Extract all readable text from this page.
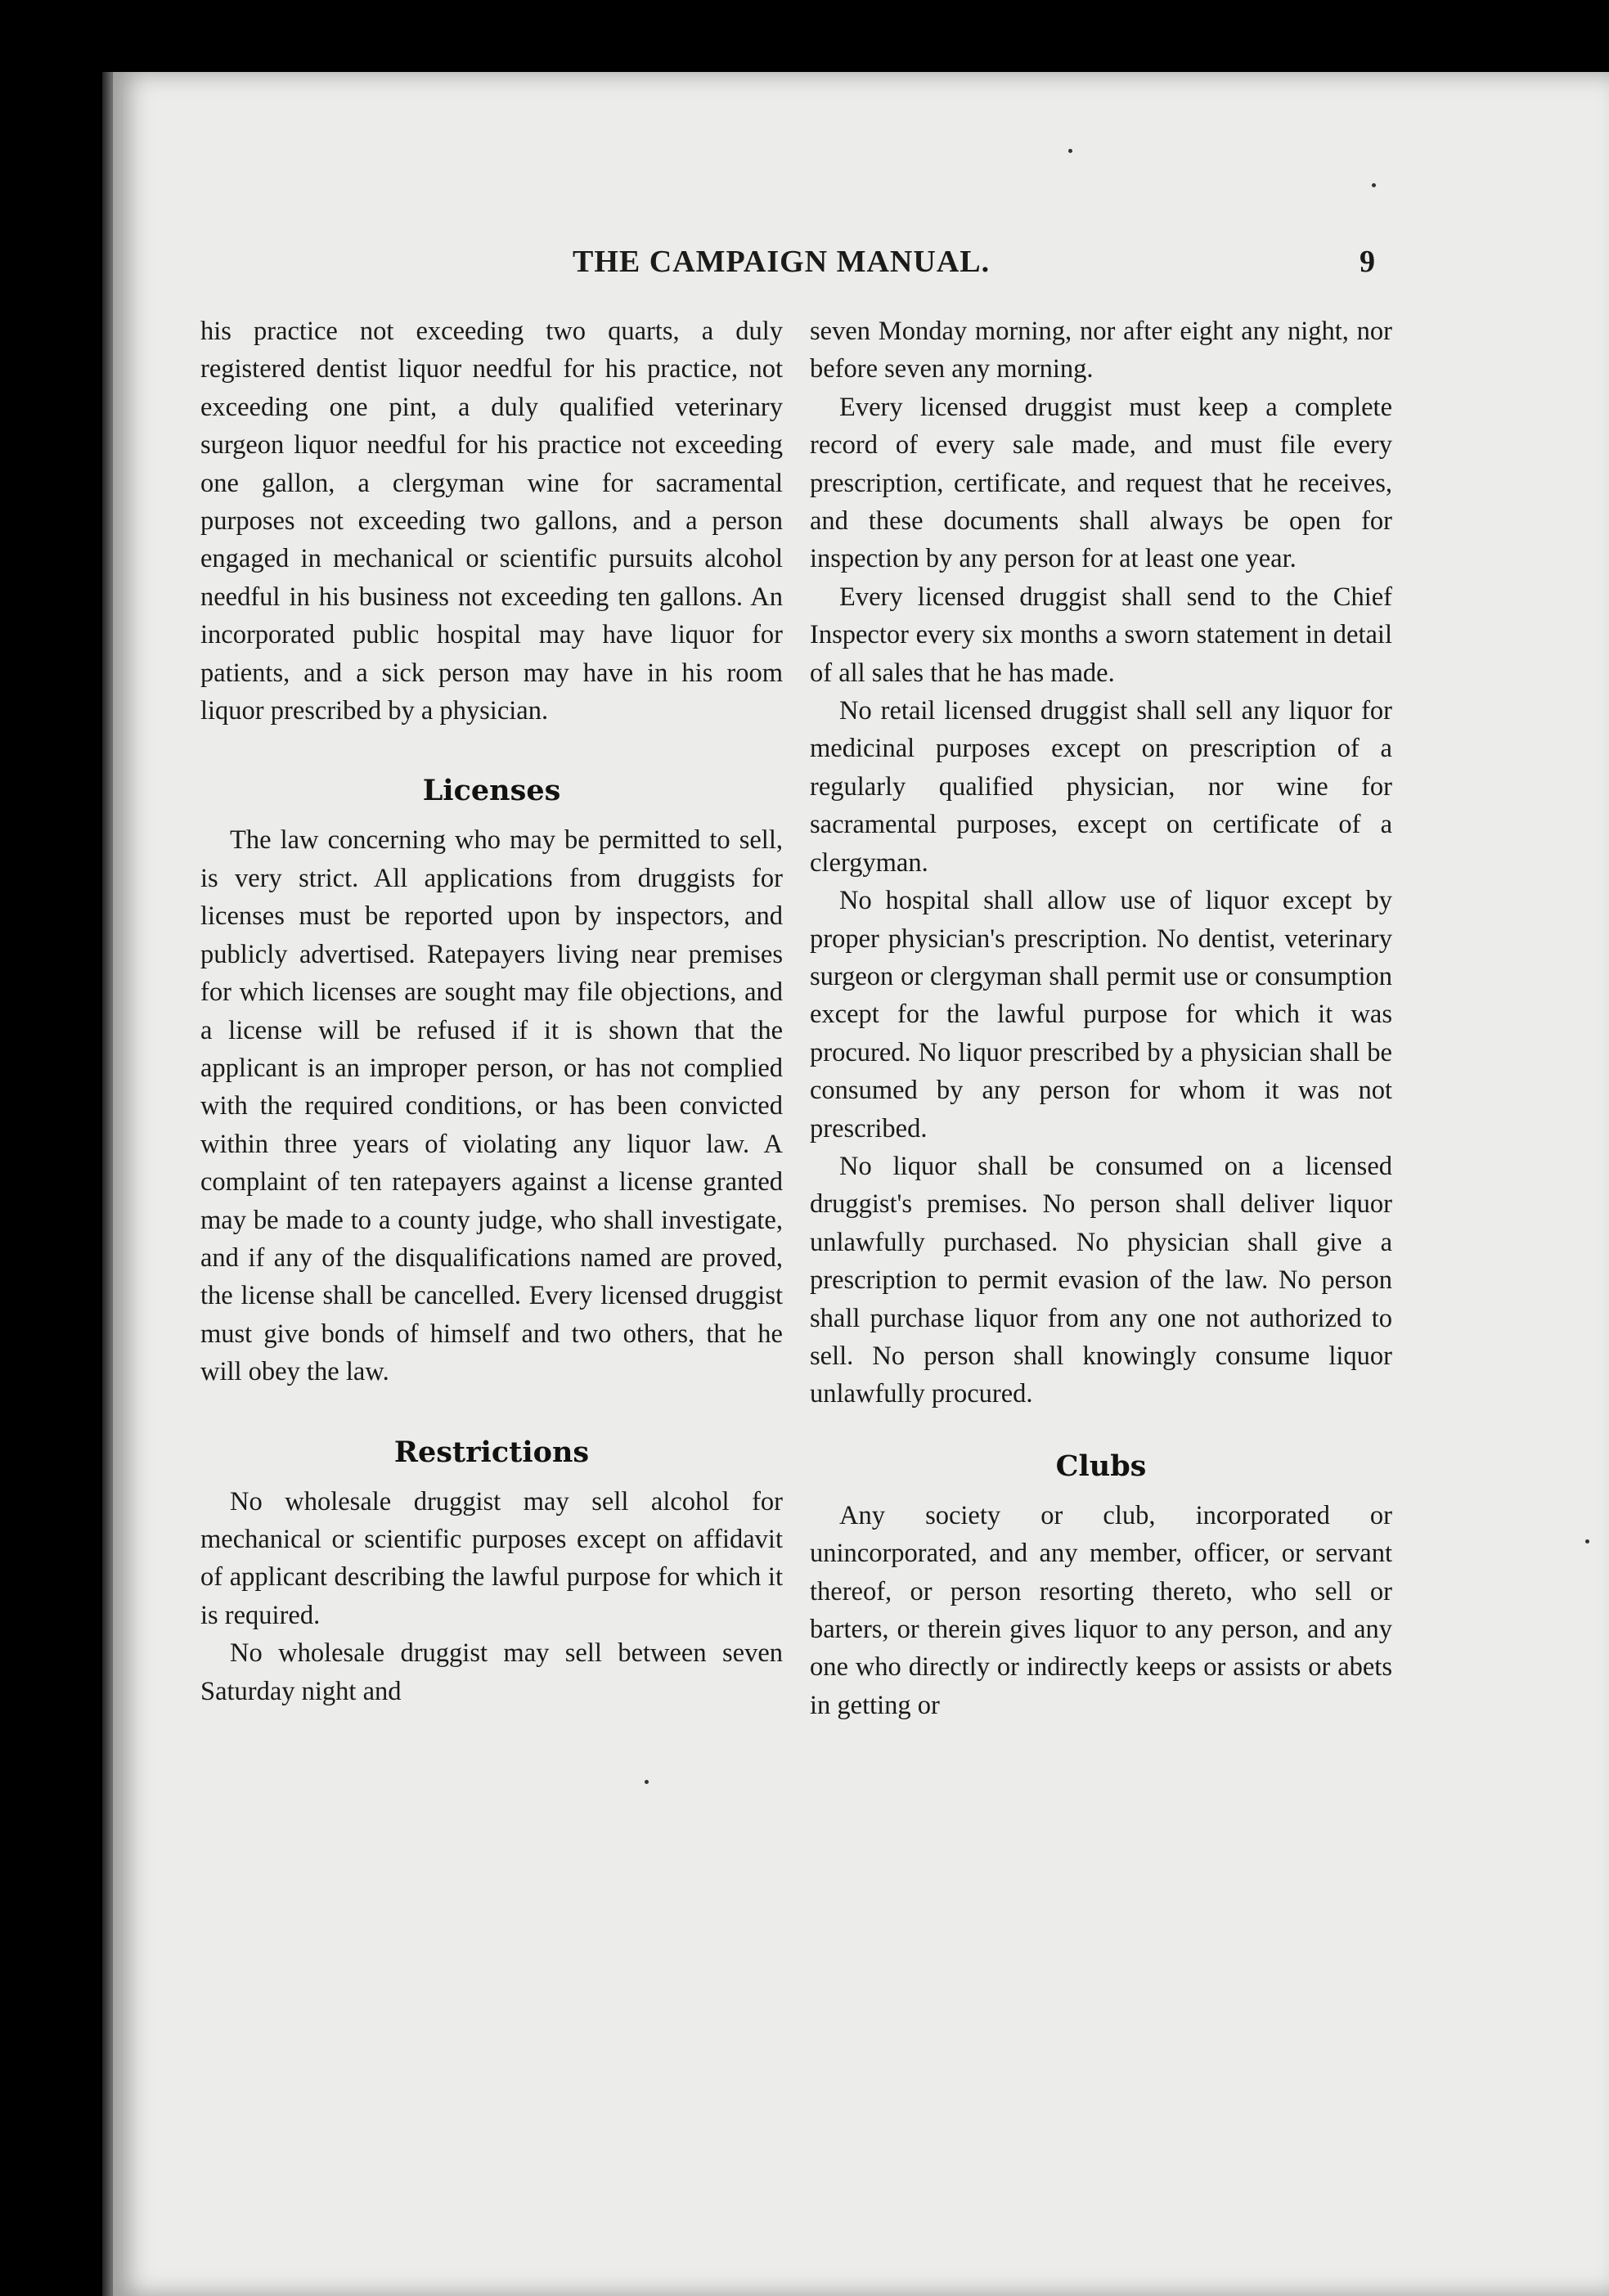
THE CAMPAIGN MANUAL.	9

his practice not exceeding two quarts, a duly registered dentist liquor needful for his practice, not exceeding one pint, a duly qualified veterinary surgeon liquor needful for his practice not exceeding one gallon, a clergyman wine for sacramental purposes not exceeding two gallons, and a person engaged in mechanical or scientific pursuits alcohol needful in his business not exceeding ten gallons. An incorporated public hospital may have liquor for patients, and a sick person may have in his room liquor prescribed by a physician.

Licenses

The law concerning who may be permitted to sell, is very strict. All applications from druggists for licenses must be reported upon by inspectors, and publicly advertised. Ratepayers living near premises for which licenses are sought may file objections, and a license will be refused if it is shown that the applicant is an improper person, or has not complied with the required conditions, or has been convicted within three years of violating any liquor law. A complaint of ten ratepayers against a license granted may be made to a county judge, who shall investigate, and if any of the disqualifications named are proved, the license shall be cancelled. Every licensed druggist must give bonds of himself and two others, that he will obey the law.

Restrictions

No wholesale druggist may sell alcohol for mechanical or scientific purposes except on affidavit of applicant describing the lawful purpose for which it is required.

No wholesale druggist may sell between seven Saturday night and

seven Monday morning, nor after eight any night, nor before seven any morning.

Every licensed druggist must keep a complete record of every sale made, and must file every prescription, certificate, and request that he receives, and these documents shall always be open for inspection by any person for at least one year.

Every licensed druggist shall send to the Chief Inspector every six months a sworn statement in detail of all sales that he has made.

No retail licensed druggist shall sell any liquor for medicinal purposes except on prescription of a regularly qualified physician, nor wine for sacramental purposes, except on certificate of a clergyman.

No hospital shall allow use of liquor except by proper physician's prescription. No dentist, veterinary surgeon or clergyman shall permit use or consumption except for the lawful purpose for which it was procured. No liquor prescribed by a physician shall be consumed by any person for whom it was not prescribed.

No liquor shall be consumed on a licensed druggist's premises. No person shall deliver liquor unlawfully purchased. No physician shall give a prescription to permit evasion of the law. No person shall purchase liquor from any one not authorized to sell. No person shall knowingly consume liquor unlawfully procured.

Clubs

Any society or club, incorporated or unincorporated, and any member, officer, or servant thereof, or person resorting thereto, who sell or barters, or therein gives liquor to any person, and any one who directly or indirectly keeps or assists or abets in getting or
